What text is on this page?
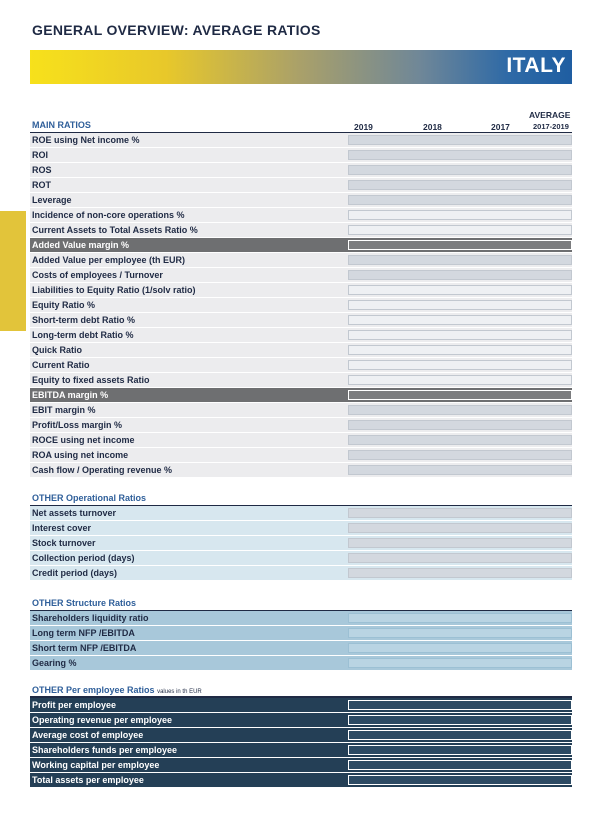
GENERAL OVERVIEW: AVERAGE RATIOS
ITALY
AVERAGE
MAIN RATIOS	2019	2018	2017	2017-2019
ROE using Net income %
ROI
ROS
ROT
Leverage
Incidence of non-core operations %
Current Assets to Total Assets Ratio %
Added Value margin %
Added Value per employee (th EUR)
Costs of employees / Turnover
Liabilities to Equity Ratio (1/solv ratio)
Equity Ratio %
Short-term debt Ratio %
Long-term debt Ratio %
Quick Ratio
Current Ratio
Equity to fixed assets Ratio
EBITDA margin %
EBIT margin %
Profit/Loss margin %
ROCE using net income
ROA using net income
Cash flow / Operating revenue %
OTHER Operational Ratios
Net assets turnover
Interest cover
Stock turnover
Collection period (days)
Credit period (days)
OTHER Structure Ratios
Shareholders liquidity ratio
Long term NFP /EBITDA
Short term NFP /EBITDA
Gearing %
OTHER Per employee Ratios values in th EUR
Profit per employee
Operating revenue per employee
Average cost of employee
Shareholders funds per employee
Working capital per employee
Total assets per employee
